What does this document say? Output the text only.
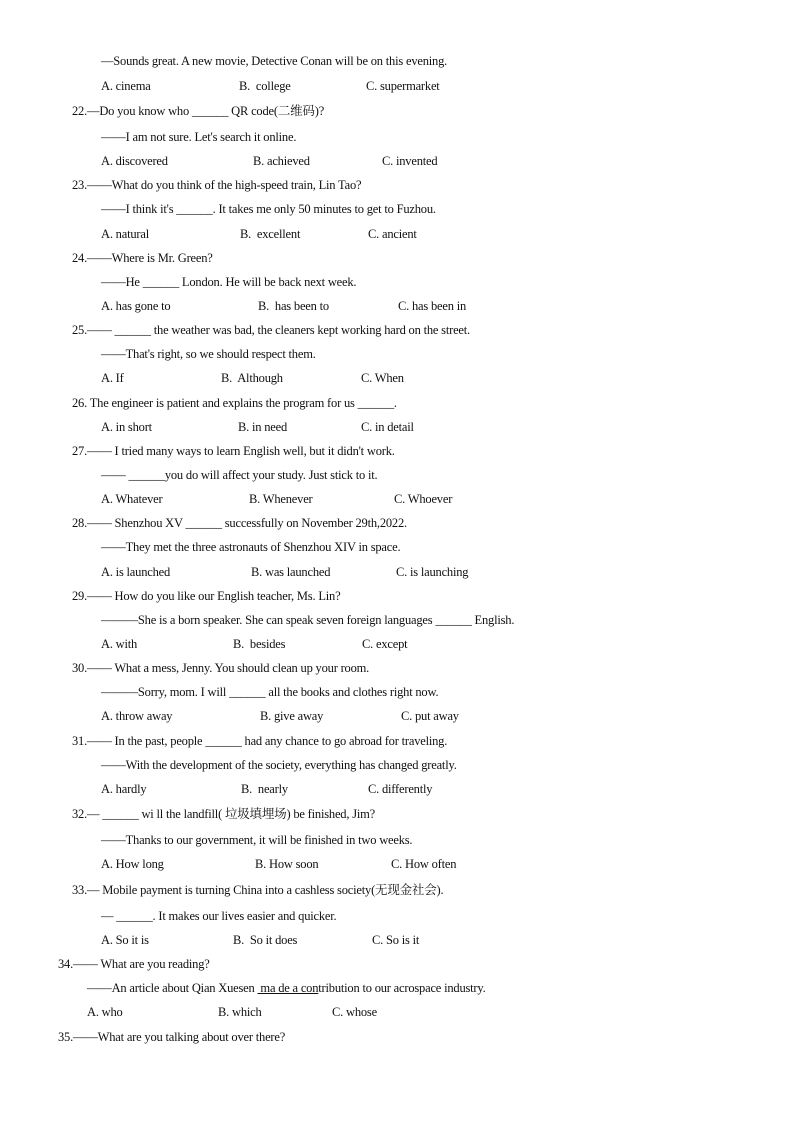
—Sounds great. A new movie, Detective Conan will be on this evening.
A. cinema	B.  college	C. supermarket
22.—Do you know who ______ QR code(二维码)?
——I am not sure. Let's search it online.
A. discovered	B. achieved	C. invented
23.——What do you think of the high-speed train, Lin Tao?
——I think it's ______. It takes me only 50 minutes to get to Fuzhou.
A. natural	B.  excellent	C. ancient
24.——Where is Mr. Green?
——He ______ London. He will be back next week.
A. has gone to	B.  has been to	C. has been in
25.—— ______ the weather was bad, the cleaners kept working hard on the street.
——That's right, so we should respect them.
A. If	B.  Although	C. When
26. The engineer is patient and explains the program for us ______.
A. in short	B. in need	C. in detail
27.—— I tried many ways to learn English well, but it didn't work.
—— ______you do will affect your study. Just stick to it.
A. Whatever	B. Whenever	C. Whoever
28.—— Shenzhou XV ______ successfully on November 29th,2022.
——They met the three astronauts of Shenzhou XIV in space.
A. is launched	B. was launched	C. is launching
29.—— How do you like our English teacher, Ms. Lin?
———She is a born speaker. She can speak seven foreign languages ______ English.
A. with	B.  besides	C. except
30.—— What a mess, Jenny. You should clean up your room.
———Sorry, mom. I will ______ all the books and clothes right now.
A. throw away	B. give away	C. put away
31.—— In the past, people ______ had any chance to go abroad for traveling.
——With the development of the society, everything has changed greatly.
A. hardly	B.  nearly	C. differently
32.— ______ wi ll the landfill( 垃圾填埋场) be finished, Jim?
——Thanks to our government, it will be finished in two weeks.
A. How long	B. How soon	C. How often
33.— Mobile payment is turning China into a cashless society(无现金社会).
— ______. It makes our lives easier and quicker.
A. So it is	B.  So it does	C. So is it
34.—— What are you reading?
——An article about Qian Xuesen  ma de a contribution to our acrospace industry.
A. who	B. which	C. whose
35.——What are you talking about over there?
